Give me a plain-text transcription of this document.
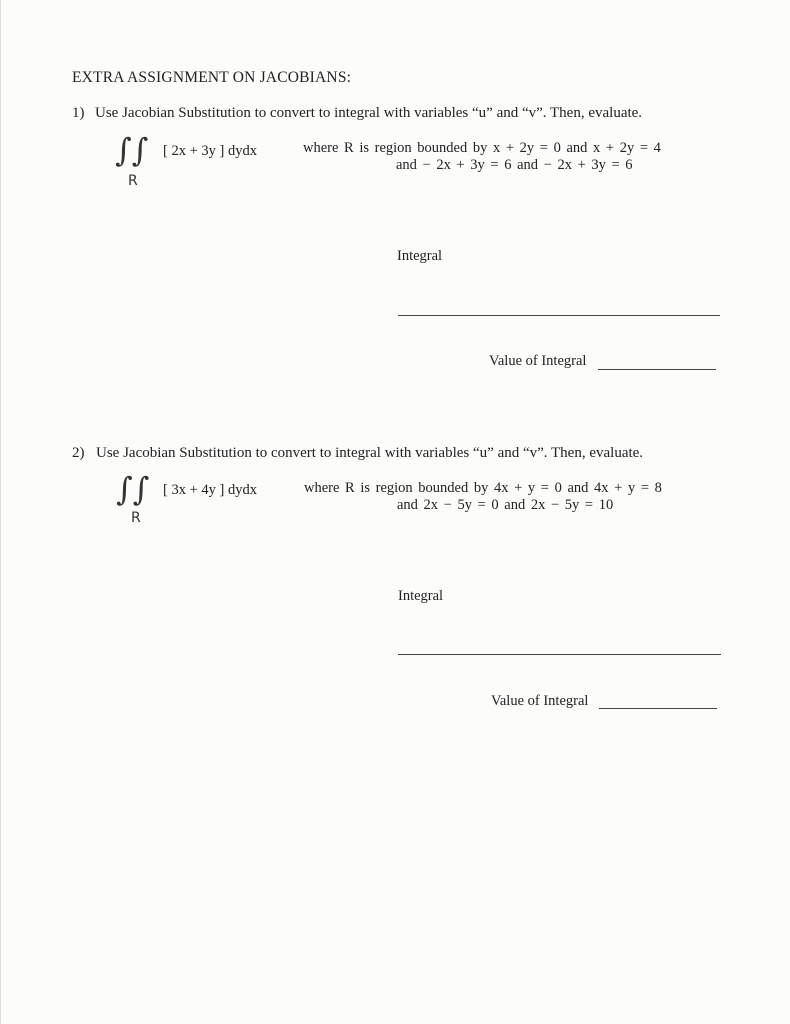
EXTRA ASSIGNMENT ON JACOBIANS:
1) Use Jacobian Substitution to convert to integral with variables “u” and “v”. Then, evaluate.
∫∫
R
[ 2x + 3y ] dydx	where R is region bounded by x + 2y = 0 and x + 2y = 4
and − 2x + 3y = 6 and − 2x + 3y = 6
Integral
Value of Integral
2) Use Jacobian Substitution to convert to integral with variables “u” and “v”. Then, evaluate.
∫∫
R
[ 3x + 4y ] dydx	where R is region bounded by 4x + y = 0 and 4x + y = 8
and 2x − 5y = 0 and 2x − 5y = 10
Integral
Value of Integral
